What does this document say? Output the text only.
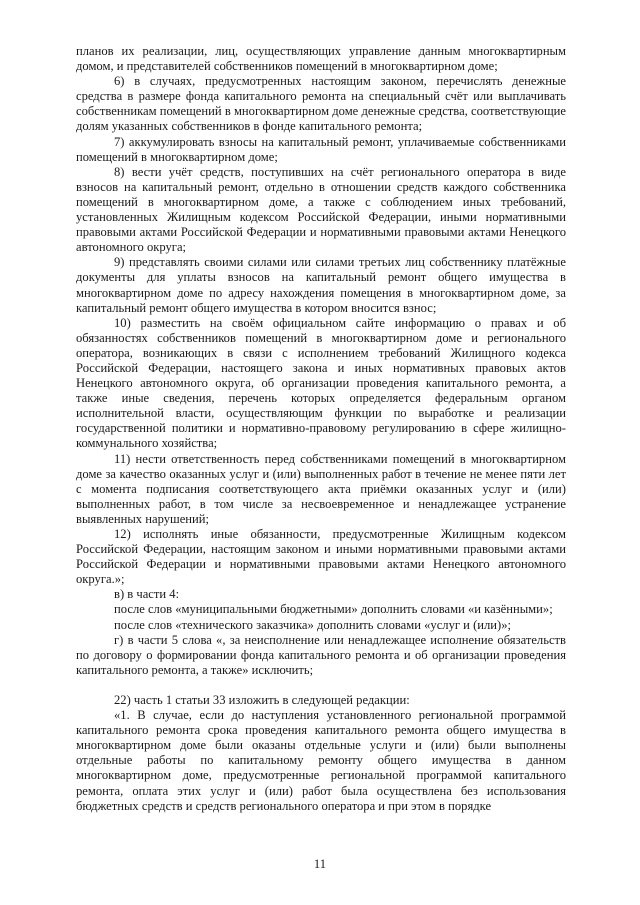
планов их реализации, лиц, осуществляющих управление данным многоквартирным домом, и представителей собственников помещений в многоквартирном доме;

6) в случаях, предусмотренных настоящим законом, перечислять денежные средства в размере фонда капитального ремонта на специальный счёт или выплачивать собственникам помещений в многоквартирном доме денежные средства, соответствующие долям указанных собственников в фонде капитального ремонта;

7) аккумулировать взносы на капитальный ремонт, уплачиваемые собственниками помещений в многоквартирном доме;

8) вести учёт средств, поступивших на счёт регионального оператора в виде взносов на капитальный ремонт, отдельно в отношении средств каждого собственника помещений в многоквартирном доме, а также с соблюдением иных требований, установленных Жилищным кодексом Российской Федерации, иными нормативными правовыми актами Российской Федерации и нормативными правовыми актами Ненецкого автономного округа;

9) представлять своими силами или силами третьих лиц собственнику платёжные документы для уплаты взносов на капитальный ремонт общего имущества в многоквартирном доме по адресу нахождения помещения в многоквартирном доме, за капитальный ремонт общего имущества в котором вносится взнос;

10) разместить на своём официальном сайте информацию о правах и об обязанностях собственников помещений в многоквартирном доме и регионального оператора, возникающих в связи с исполнением требований Жилищного кодекса Российской Федерации, настоящего закона и иных нормативных правовых актов Ненецкого автономного округа, об организации проведения капитального ремонта, а также иные сведения, перечень которых определяется федеральным органом исполнительной власти, осуществляющим функции по выработке и реализации государственной политики и нормативно-правовому регулированию в сфере жилищно-коммунального хозяйства;

11) нести ответственность перед собственниками помещений в многоквартирном доме за качество оказанных услуг и (или) выполненных работ в течение не менее пяти лет с момента подписания соответствующего акта приёмки оказанных услуг и (или) выполненных работ, в том числе за несвоевременное и ненадлежащее устранение выявленных нарушений;

12) исполнять иные обязанности, предусмотренные Жилищным кодексом Российской Федерации, настоящим законом и иными нормативными правовыми актами Российской Федерации и нормативными правовыми актами Ненецкого автономного округа.»;

в) в части 4:

после слов «муниципальными бюджетными» дополнить словами «и казёнными»;

после слов «технического заказчика» дополнить словами «услуг и (или)»;

г) в части 5 слова «, за неисполнение или ненадлежащее исполнение обязательств по договору о формировании фонда капитального ремонта и об организации проведения капитального ремонта, а также» исключить;

22) часть 1 статьи 33 изложить в следующей редакции:

«1. В случае, если до наступления установленного региональной программой капитального ремонта срока проведения капитального ремонта общего имущества в многоквартирном доме были оказаны отдельные услуги и (или) были выполнены отдельные работы по капитальному ремонту общего имущества в данном многоквартирном доме, предусмотренные региональной программой капитального ремонта, оплата этих услуг и (или) работ была осуществлена без использования бюджетных средств и средств регионального оператора и при этом в порядке

11
